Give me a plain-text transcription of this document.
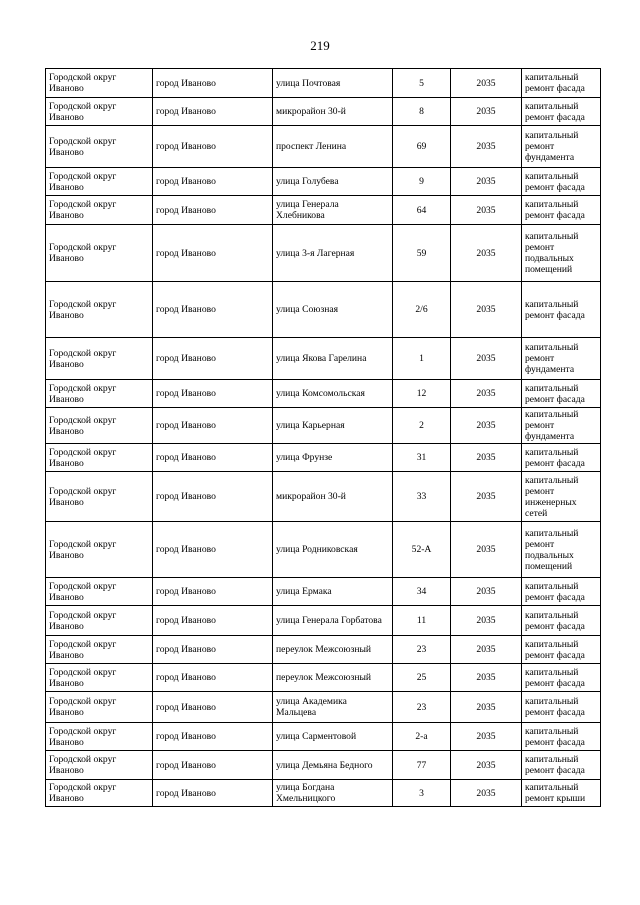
219
Городской округ Иваново	город Иваново	улица Почтовая	5	2035	капитальный ремонт фасада
Городской округ Иваново	город Иваново	микрорайон 30-й	8	2035	капитальный ремонт фасада
Городской округ Иваново	город Иваново	проспект Ленина	69	2035	капитальный ремонт фундамента
Городской округ Иваново	город Иваново	улица Голубева	9	2035	капитальный ремонт фасада
Городской округ Иваново	город Иваново	улица Генерала Хлебникова	64	2035	капитальный ремонт фасада
Городской округ Иваново	город Иваново	улица 3-я Лагерная	59	2035	капитальный ремонт подвальных помещений
Городской округ Иваново	город Иваново	улица Союзная	2/6	2035	капитальный ремонт фасада
Городской округ Иваново	город Иваново	улица Якова Гарелина	1	2035	капитальный ремонт фундамента
Городской округ Иваново	город Иваново	улица Комсомольская	12	2035	капитальный ремонт фасада
Городской округ Иваново	город Иваново	улица Карьерная	2	2035	капитальный ремонт фундамента
Городской округ Иваново	город Иваново	улица Фрунзе	31	2035	капитальный ремонт фасада
Городской округ Иваново	город Иваново	микрорайон 30-й	33	2035	капитальный ремонт инженерных сетей
Городской округ Иваново	город Иваново	улица Родниковская	52-А	2035	капитальный ремонт подвальных помещений
Городской округ Иваново	город Иваново	улица Ермака	34	2035	капитальный ремонт фасада
Городской округ Иваново	город Иваново	улица Генерала Горбатова	11	2035	капитальный ремонт фасада
Городской округ Иваново	город Иваново	переулок Межсоюзный	23	2035	капитальный ремонт фасада
Городской округ Иваново	город Иваново	переулок Межсоюзный	25	2035	капитальный ремонт фасада
Городской округ Иваново	город Иваново	улица Академика Мальцева	23	2035	капитальный ремонт фасада
Городской округ Иваново	город Иваново	улица Сарментовой	2-а	2035	капитальный ремонт фасада
Городской округ Иваново	город Иваново	улица Демьяна Бедного	77	2035	капитальный ремонт фасада
Городской округ Иваново	город Иваново	улица Богдана Хмельницкого	3	2035	капитальный ремонт крыши
